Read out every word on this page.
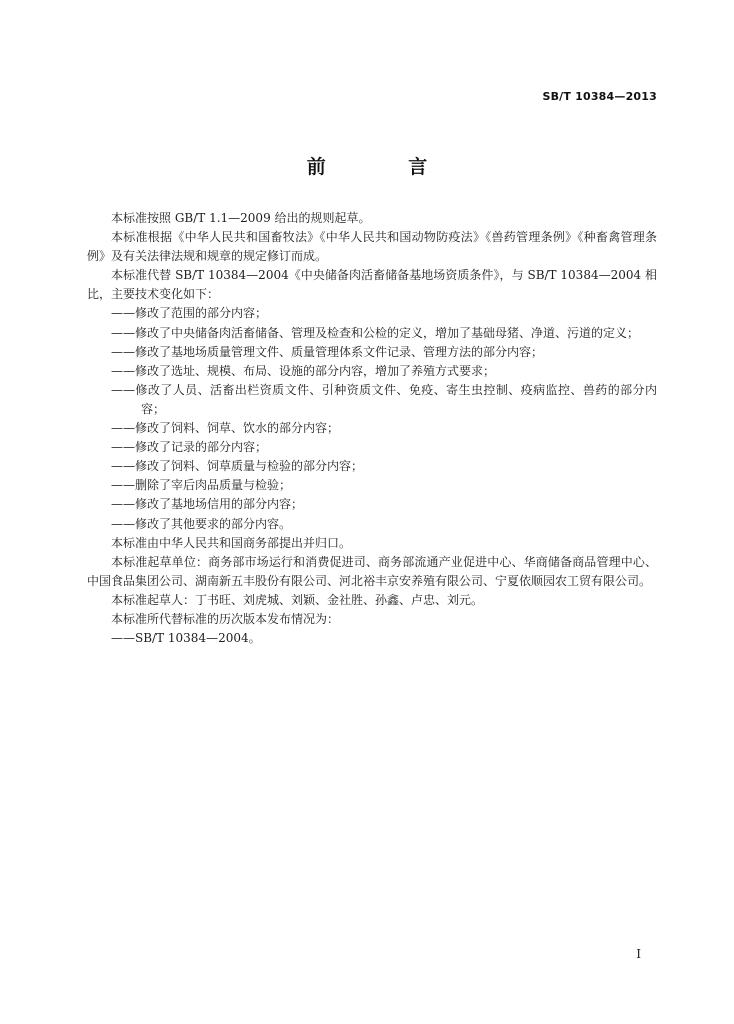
SB/T 10384—2013
前 言

本标准按照 GB/T 1.1—2009 给出的规则起草。

本标准根据《中华人民共和国畜牧法》《中华人民共和国动物防疫法》《兽药管理条例》《种畜禽管理条例》及有关法律法规和规章的规定修订而成。

本标准代替 SB/T 10384—2004《中央储备肉活畜储备基地场资质条件》，与 SB/T 10384—2004 相比，主要技术变化如下：

——修改了范围的部分内容；

——修改了中央储备肉活畜储备、管理及检查和公检的定义，增加了基础母猪、净道、污道的定义；

——修改了基地场质量管理文件、质量管理体系文件记录、管理方法的部分内容；

——修改了选址、规模、布局、设施的部分内容，增加了养殖方式要求；

——修改了人员、活畜出栏资质文件、引种资质文件、免疫、寄生虫控制、疫病监控、兽药的部分内容；

——修改了饲料、饲草、饮水的部分内容；

——修改了记录的部分内容；

——修改了饲料、饲草质量与检验的部分内容；

——删除了宰后肉品质量与检验；

——修改了基地场信用的部分内容；

——修改了其他要求的部分内容。

本标准由中华人民共和国商务部提出并归口。

本标准起草单位：商务部市场运行和消费促进司、商务部流通产业促进中心、华商储备商品管理中心、中国食品集团公司、湖南新五丰股份有限公司、河北裕丰京安养殖有限公司、宁夏依顺园农工贸有限公司。

本标准起草人：丁书旺、刘虎城、刘颖、金社胜、孙鑫、卢忠、刘元。

本标准所代替标准的历次版本发布情况为：

——SB/T 10384—2004。

I
